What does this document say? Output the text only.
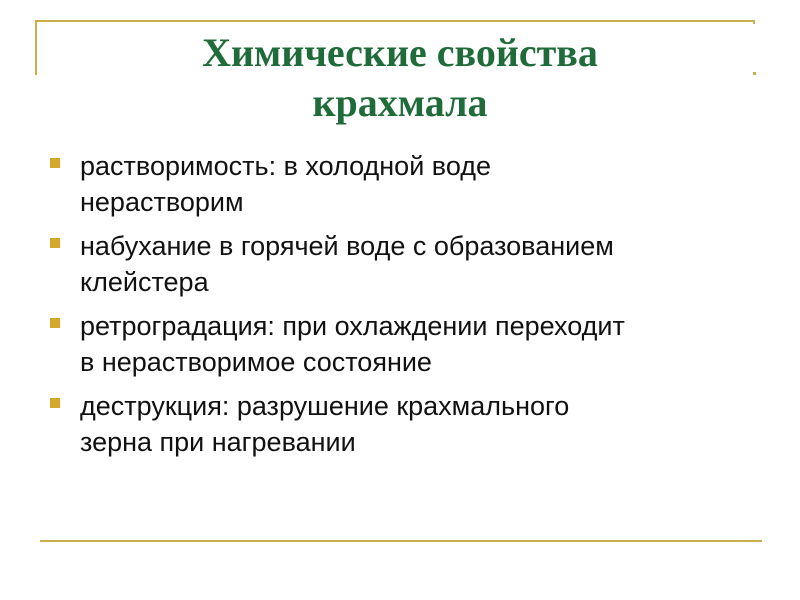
Химические свойства
крахмала
растворимость: в холодной воде
нерастворим
набухание в горячей воде с образованием
клейстера
ретроградация: при охлаждении переходит
в нерастворимое состояние
деструкция: разрушение крахмального
зерна при нагревании
